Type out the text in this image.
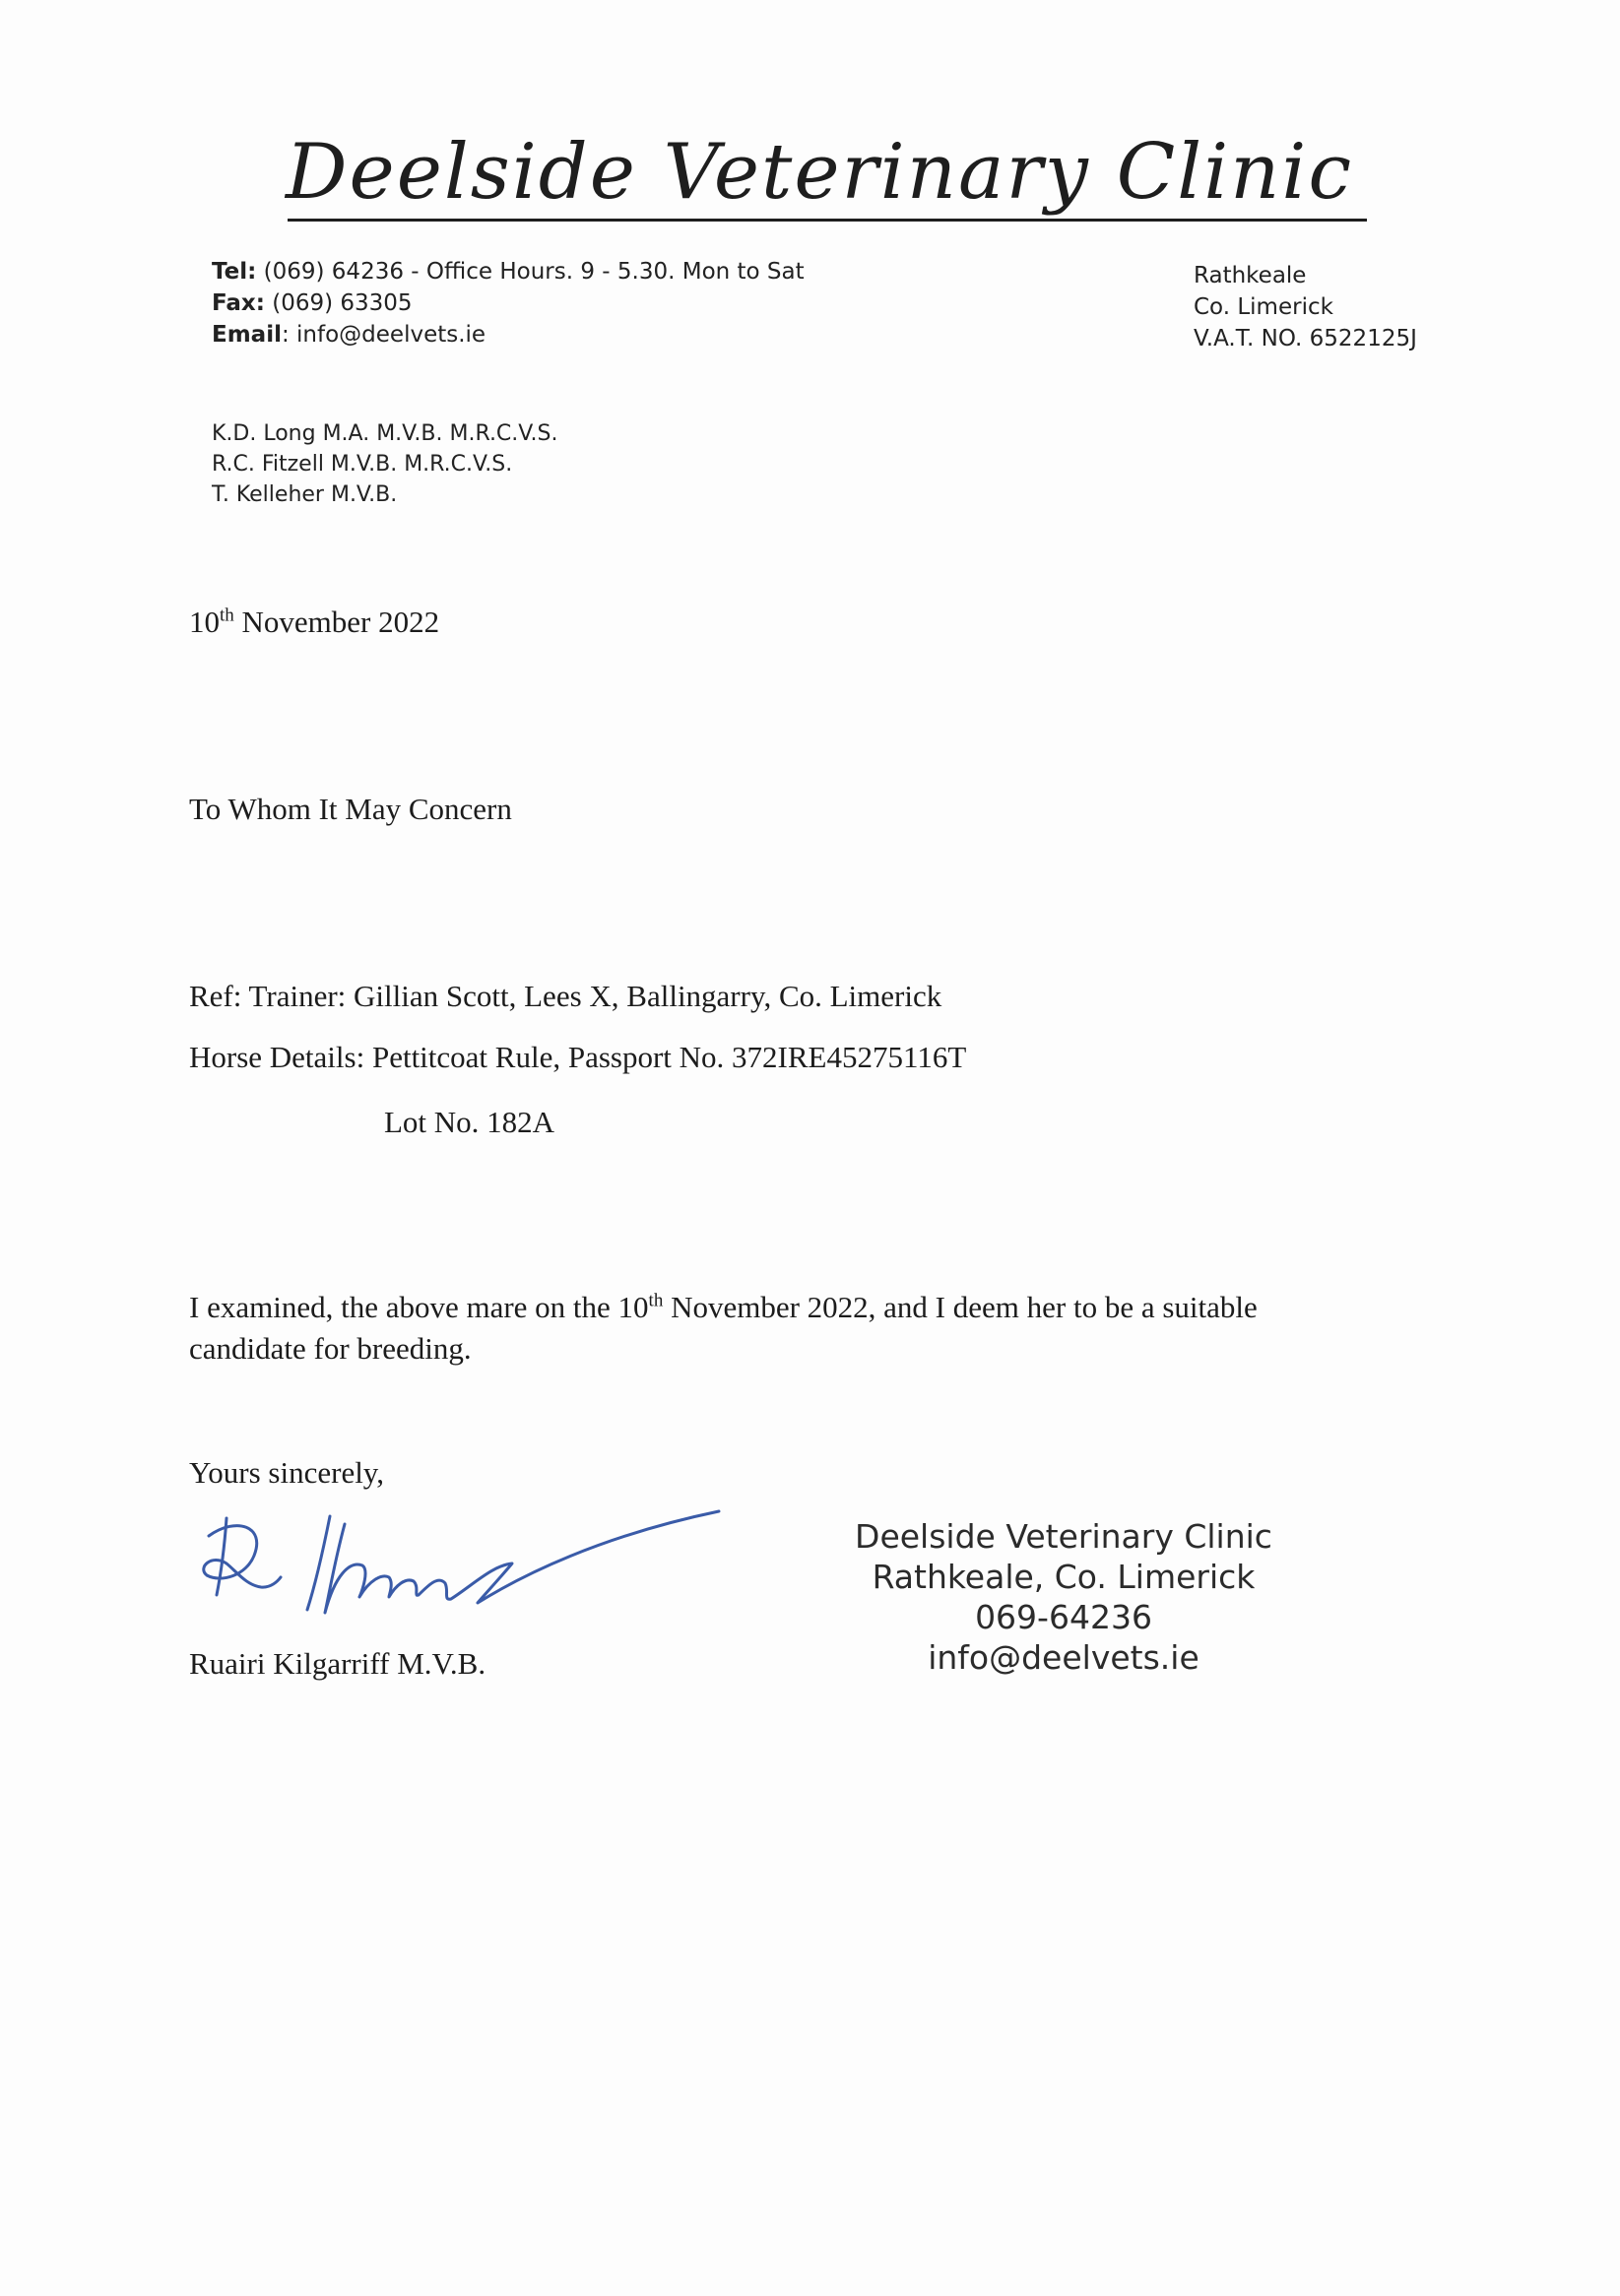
Deelside Veterinary Clinic
Tel: (069) 64236 - Office Hours. 9 - 5.30. Mon to Sat
Fax: (069) 63305
Email: info@deelvets.ie
Rathkeale
Co. Limerick
V.A.T. NO. 6522125J
K.D. Long M.A. M.V.B. M.R.C.V.S.
R.C. Fitzell M.V.B. M.R.C.V.S.
T. Kelleher M.V.B.
10th November 2022
To Whom It May Concern
Ref: Trainer: Gillian Scott, Lees X, Ballingarry, Co. Limerick
Horse Details: Pettitcoat Rule, Passport No. 372IRE45275116T
Lot No. 182A
I examined, the above mare on the 10th November 2022, and I deem her to be a suitable
candidate for breeding.
Yours sincerely,
Ruairi Kilgarriff M.V.B.
Deelside Veterinary Clinic
Rathkeale, Co. Limerick
069-64236
info@deelvets.ie
